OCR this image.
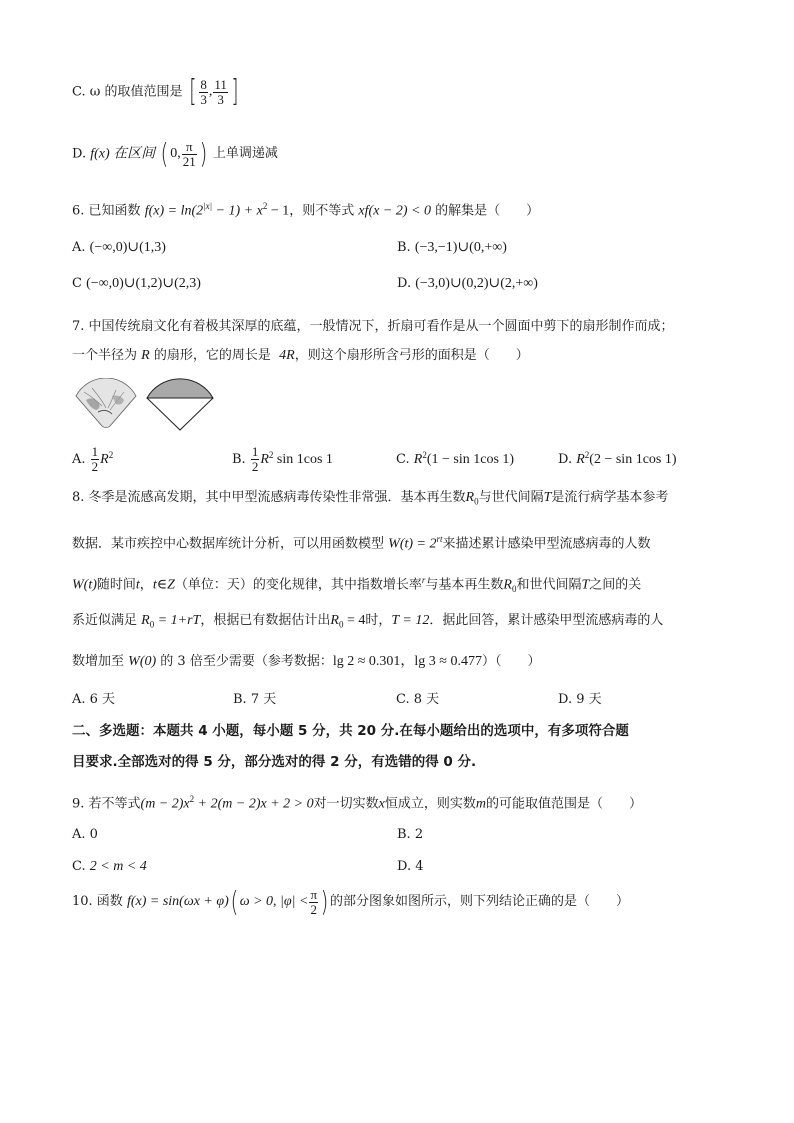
C. ω 的取值范围是 [ $\frac{8}{3}$ , $\frac{11}{3}$ ]
D. f(x) 在区间 ( 0, $\frac{\pi}{21}$ ) 上单调递减
6. 已知函数 $f(x) = \ln(2^{|x|} - 1) + x^2 - 1$，则不等式 xf(x − 2) < 0 的解集是（　　）
A. (−∞,0)∪(1,3)	B. (−3,−1)∪(0,+∞)
C (−∞,0)∪(1,2)∪(2,3)	D. (−3,0)∪(0,2)∪(2,+∞)
7. 中国传统扇文化有着极其深厚的底蕴，一般情况下，折扇可看作是从一个圆面中剪下的扇形制作而成；
一个半径为 R 的扇形，它的周长是 4R，则这个扇形所含弓形的面积是（　　）
A. $\frac{1}{2} R^2$	B. $\frac{1}{2} R^2$ sin 1cos 1	C. $R^2(1 - \sin 1\cos$ 1)	D. $R^2(2 - \sin 1\cos$ 1)
8. 冬季是流感高发期，其中甲型流感病毒传染性非常强．基本再生数$R_0$与世代间隔T是流行病学基本参考
数据．某市疾控中心数据库统计分析，可以用函数模型 $W(t) = 2^{rt}$来描述累计感染甲型流感病毒的人数
W(t)随时间t，t∈Z（单位：天）的变化规律，其中指数增长率$^r$与基本再生数$R_0$和世代间隔T之间的关
系近似满足 $R_0 = 1+rT$，根据已有数据估计出$R_0 = 4$时，T = 12．据此回答，累计感染甲型流感病毒的人
数增加至 W(0) 的 3 倍至少需要（参考数据：lg 2 ≈ 0.301，lg 3 ≈ 0.477）（　　）
A. 6 天	B. 7 天	C. 8 天	D. 9 天
二、多选题：本题共 4 小题，每小题 5 分，共 20 分.在每小题给出的选项中，有多项符合题
目要求.全部选对的得 5 分，部分选对的得 2 分，有选错的得 0 分.
9. 若不等式$(m - 2)x^2 + 2(m - 2)x + 2 > 0$对一切实数x恒成立，则实数m的可能取值范围是（　　）
A. 0	B. 2
C. 2 < m < 4	D. 4
10. 函数 f(x) = sin(ωx + φ)( ω > 0, $|\varphi| < \frac{\pi}{2}$ ) 的部分图象如图所示，则下列结论正确的是（　　）
